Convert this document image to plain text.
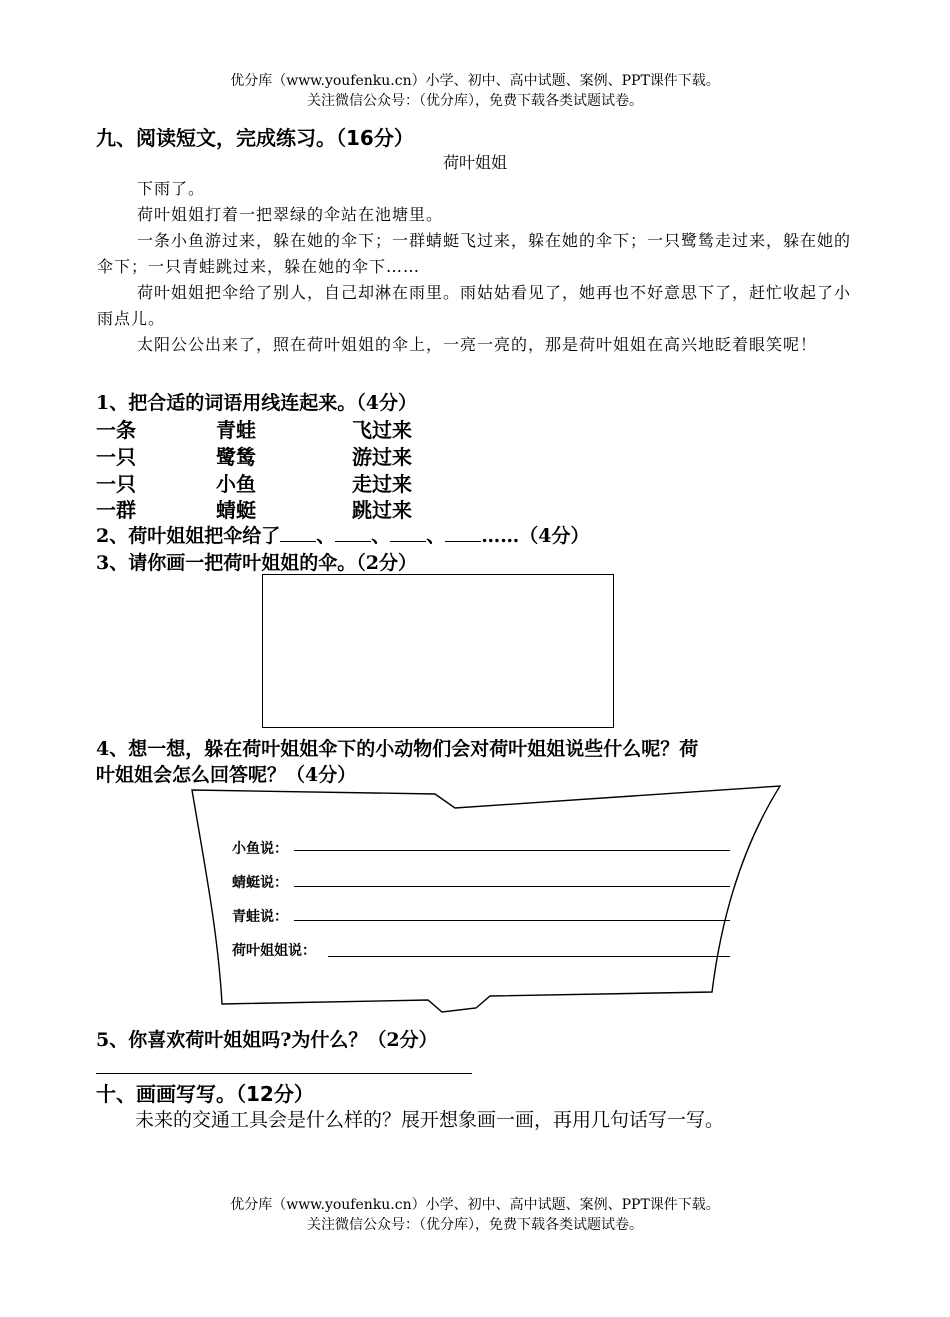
优分库（www.youfenku.cn）小学、初中、高中试题、案例、PPT课件下载。
关注微信公众号：（优分库），免费下载各类试题试卷。
九、阅读短文，完成练习。（16分）
荷叶姐姐

下雨了。

荷叶姐姐打着一把翠绿的伞站在池塘里。

一条小鱼游过来，躲在她的伞下；一群蜻蜓飞过来，躲在她的伞下；一只鹭鸶走过来，躲在她的伞下；一只青蛙跳过来，躲在她的伞下……

荷叶姐姐把伞给了别人，自己却淋在雨里。雨姑姑看见了，她再也不好意思下了，赶忙收起了小雨点儿。

太阳公公出来了，照在荷叶姐姐的伞上，一亮一亮的，那是荷叶姐姐在高兴地眨着眼笑呢！

1、把合适的词语用线连起来。（4分）
一条
一只
一只
一群
青蛙
鹭鸶
小鱼
蜻蜓
飞过来
游过来
走过来
跳过来
2、荷叶姐姐把伞给了 、 、 、 ……（4分）
3、请你画一把荷叶姐姐的伞。（2分）
4、想一想，躲在荷叶姐姐伞下的小动物们会对荷叶姐姐说些什么呢？荷
叶姐姐会怎么回答呢？（4分）
小鱼说：
蜻蜓说：
青蛙说：
荷叶姐姐说：
5、你喜欢荷叶姐姐吗?为什么？（2分）
十、画画写写。（12分）
未来的交通工具会是什么样的？展开想象画一画，再用几句话写一写。
优分库（www.youfenku.cn）小学、初中、高中试题、案例、PPT课件下载。
关注微信公众号：（优分库），免费下载各类试题试卷。
